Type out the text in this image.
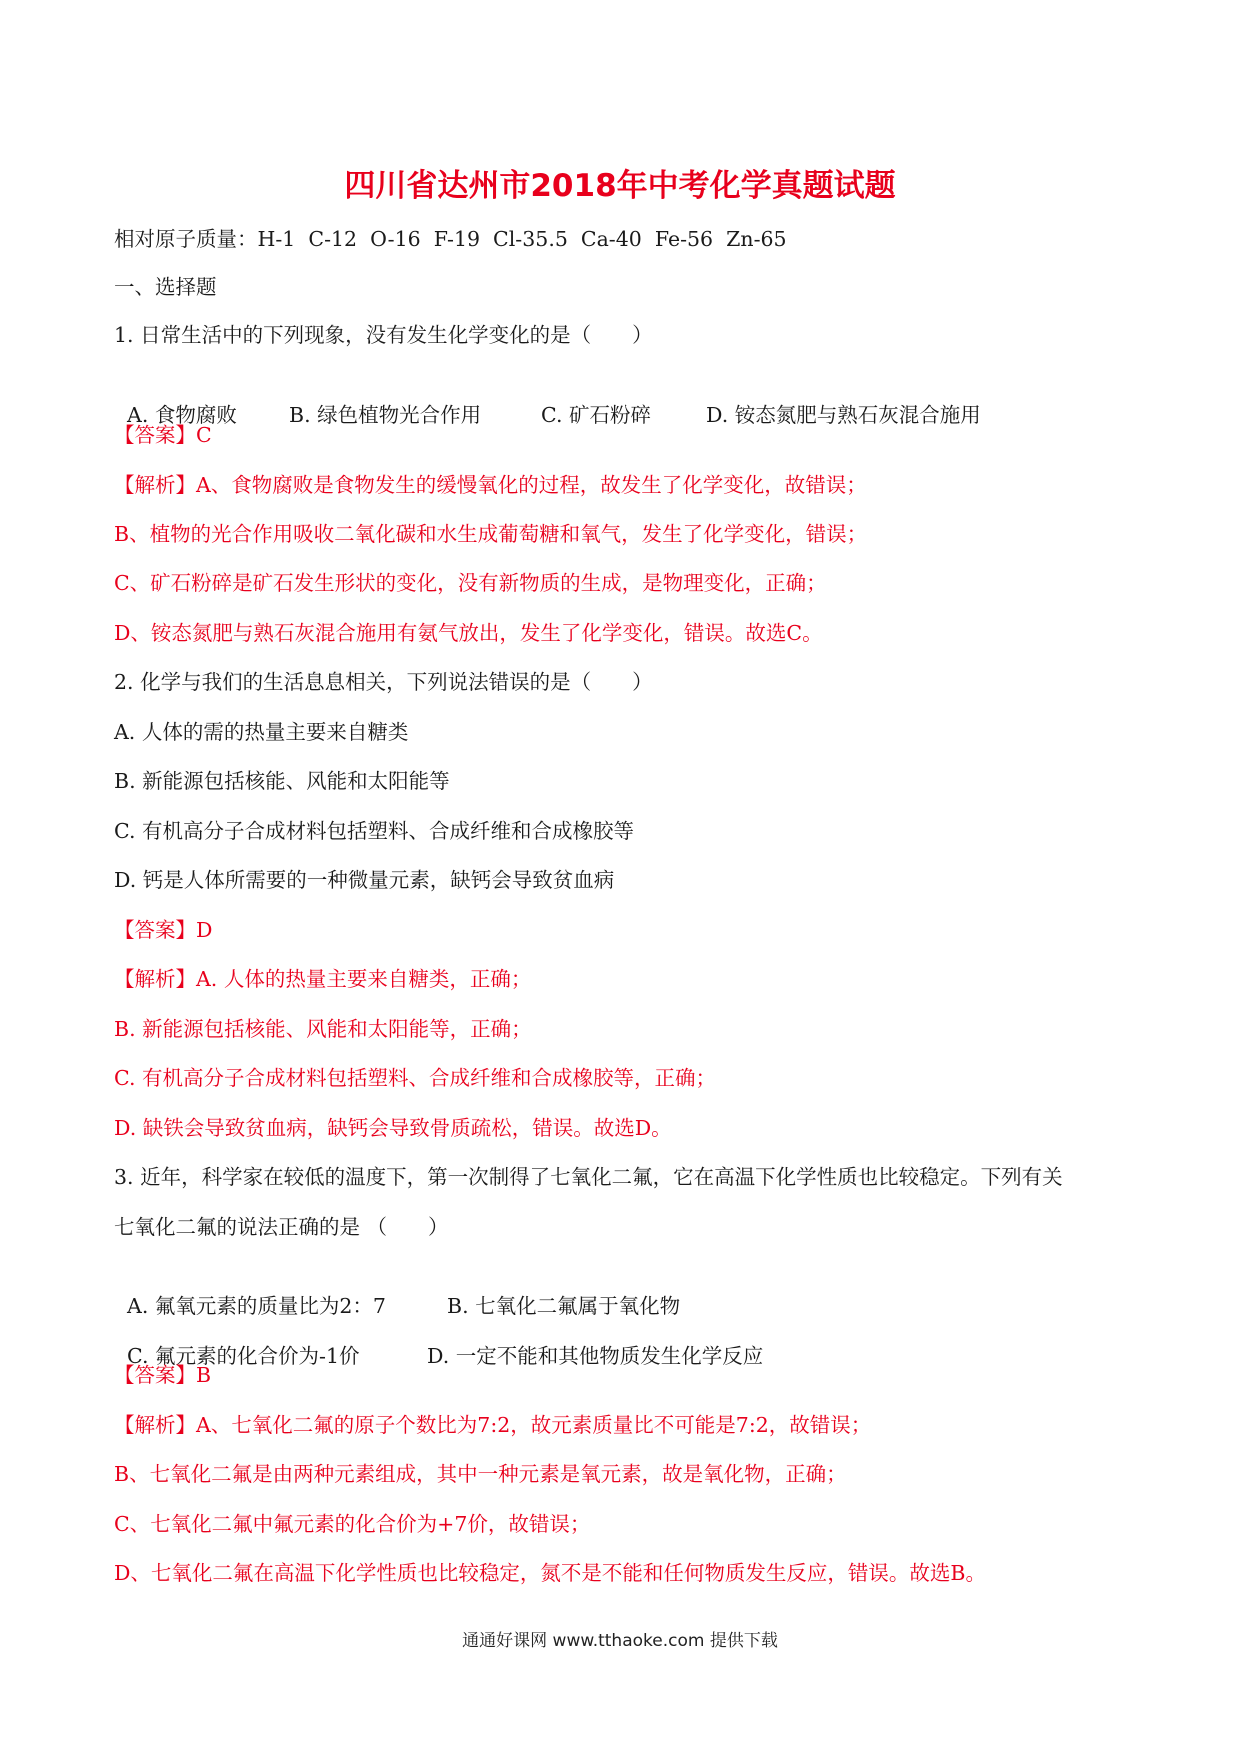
四川省达州市2018年中考化学真题试题
相对原子质量：H-1  C-12  O-16  F-19  Cl-35.5  Ca-40  Fe-56  Zn-65
一、选择题
1. 日常生活中的下列现象，没有发生化学变化的是（　　）

A. 食物腐败	B. 绿色植物光合作用	C. 矿石粉碎	D. 铵态氮肥与熟石灰混合施用

【答案】C
【解析】A、食物腐败是食物发生的缓慢氧化的过程，故发生了化学变化，故错误；
B、植物的光合作用吸收二氧化碳和水生成葡萄糖和氧气，发生了化学变化，错误；
C、矿石粉碎是矿石发生形状的变化，没有新物质的生成，是物理变化，正确；
D、铵态氮肥与熟石灰混合施用有氨气放出，发生了化学变化，错误。故选C。
2. 化学与我们的生活息息相关，下列说法错误的是（　　）
A. 人体的需的热量主要来自糖类
B. 新能源包括核能、风能和太阳能等
C. 有机高分子合成材料包括塑料、合成纤维和合成橡胶等
D. 钙是人体所需要的一种微量元素，缺钙会导致贫血病
【答案】D
【解析】A. 人体的热量主要来自糖类，正确；
B. 新能源包括核能、风能和太阳能等，正确；
C. 有机高分子合成材料包括塑料、合成纤维和合成橡胶等，正确；
D. 缺铁会导致贫血病，缺钙会导致骨质疏松，错误。故选D。
3. 近年，科学家在较低的温度下，第一次制得了七氧化二氟，它在高温下化学性质也比较稳定。下列有关
七氧化二氟的说法正确的是 （　　）

A. 氟氧元素的质量比为2：7	B. 七氧化二氟属于氧化物

C. 氟元素的化合价为-1价	D. 一定不能和其他物质发生化学反应

【答案】B
【解析】A、七氧化二氟的原子个数比为7:2，故元素质量比不可能是7:2，故错误；
B、七氧化二氟是由两种元素组成，其中一种元素是氧元素，故是氧化物，正确；
C、七氧化二氟中氟元素的化合价为+7价，故错误；
D、七氧化二氟在高温下化学性质也比较稳定，氮不是不能和任何物质发生反应，错误。故选B。
通通好课网 www.tthaoke.com 提供下载
